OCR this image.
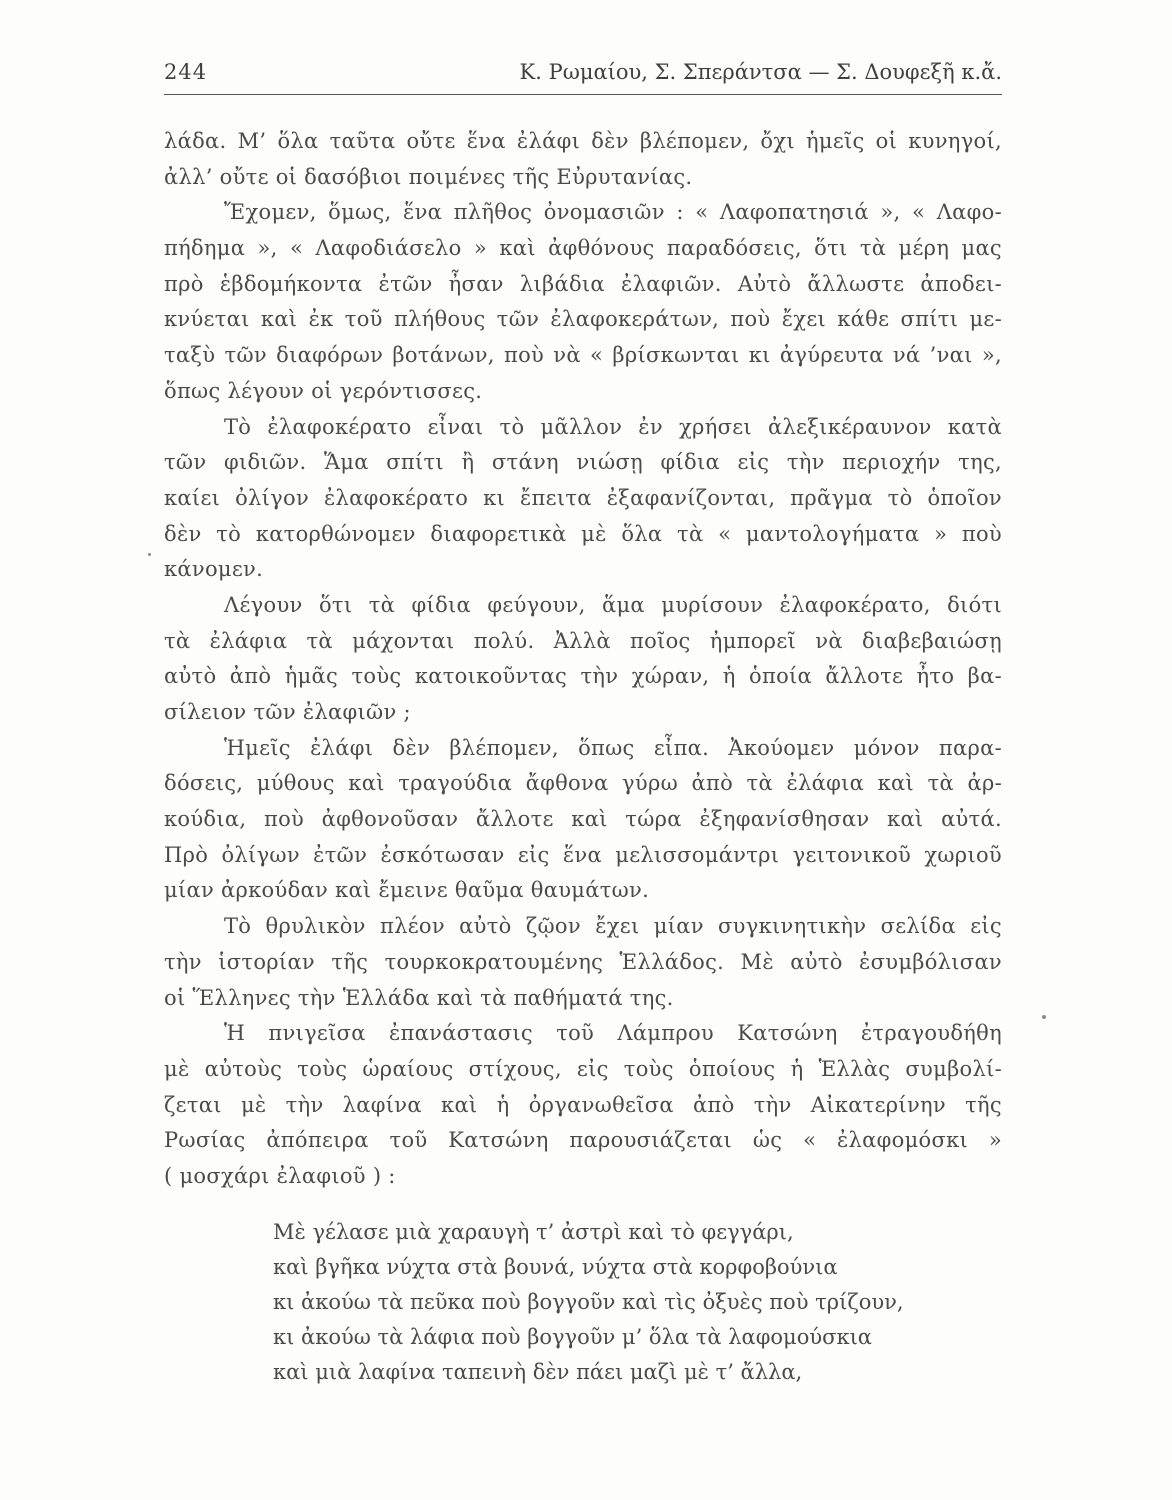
244	Κ. Ρωμαίου, Σ. Σπεράντσα — Σ. Δουφεξῆ κ.ἄ.
λάδα. Μ’ ὅλα ταῦτα οὔτε ἕνα ἐλάφι δὲν βλέπομεν, ὄχι ἡμεῖς οἱ κυνηγοί,
ἀλλ’ οὔτε οἱ δασόβιοι ποιμένες τῆς Εὐρυτανίας.
Ἔχομεν, ὅμως, ἕνα πλῆθος ὀνομασιῶν : « Λαφοπατησιά », « Λαφο-
πήδημα », « Λαφοδιάσελο » καὶ ἀφθόνους παραδόσεις, ὅτι τὰ μέρη μας
πρὸ ἑβδομήκοντα ἐτῶν ἦσαν λιβάδια ἐλαφιῶν. Αὐτὸ ἄλλωστε ἀποδει-
κνύεται καὶ ἐκ τοῦ πλήθους τῶν ἐλαφοκεράτων, ποὺ ἔχει κάθε σπίτι με-
ταξὺ τῶν διαφόρων βοτάνων, ποὺ νὰ « βρίσκωνται κι ἀγύρευτα νά ’ναι »,
ὅπως λέγουν οἱ γερόντισσες.
Τὸ ἐλαφοκέρατο εἶναι τὸ μᾶλλον ἐν χρήσει ἀλεξικέραυνον κατὰ
τῶν φιδιῶν. Ἅμα σπίτι ἢ στάνη νιώσῃ φίδια εἰς τὴν περιοχήν της,
καίει ὀλίγον ἐλαφοκέρατο κι ἔπειτα ἐξαφανίζονται, πρᾶγμα τὸ ὁποῖον
δὲν τὸ κατορθώνομεν διαφορετικὰ μὲ ὅλα τὰ « μαντολογήματα » ποὺ
κάνομεν.
Λέγουν ὅτι τὰ φίδια φεύγουν, ἅμα μυρίσουν ἐλαφοκέρατο, διότι
τὰ ἐλάφια τὰ μάχονται πολύ. Ἀλλὰ ποῖος ἠμπορεῖ νὰ διαβεβαιώσῃ
αὐτὸ ἀπὸ ἡμᾶς τοὺς κατοικοῦντας τὴν χώραν, ἡ ὁποία ἄλλοτε ἦτο βα-
σίλειον τῶν ἐλαφιῶν ;
Ἡμεῖς ἐλάφι δὲν βλέπομεν, ὅπως εἶπα. Ἀκούομεν μόνον παρα-
δόσεις, μύθους καὶ τραγούδια ἄφθονα γύρω ἀπὸ τὰ ἐλάφια καὶ τὰ ἀρ-
κούδια, ποὺ ἀφθονοῦσαν ἄλλοτε καὶ τώρα ἐξηφανίσθησαν καὶ αὐτά.
Πρὸ ὀλίγων ἐτῶν ἐσκότωσαν εἰς ἕνα μελισσομάντρι γειτονικοῦ χωριοῦ
μίαν ἀρκούδαν καὶ ἔμεινε θαῦμα θαυμάτων.
Τὸ θρυλικὸν πλέον αὐτὸ ζῷον ἔχει μίαν συγκινητικὴν σελίδα εἰς
τὴν ἱστορίαν τῆς τουρκοκρατουμένης Ἑλλάδος. Μὲ αὐτὸ ἐσυμβόλισαν
οἱ Ἕλληνες τὴν Ἑλλάδα καὶ τὰ παθήματά της.
Ἡ πνιγεῖσα ἐπανάστασις τοῦ Λάμπρου Κατσώνη ἐτραγουδήθη
μὲ αὐτοὺς τοὺς ὡραίους στίχους, εἰς τοὺς ὁποίους ἡ Ἑλλὰς συμβολί-
ζεται μὲ τὴν λαφίνα καὶ ἡ ὀργανωθεῖσα ἀπὸ τὴν Αἰκατερίνην τῆς
Ρωσίας ἀπόπειρα τοῦ Κατσώνη παρουσιάζεται ὡς « ἐλαφομόσκι »
( μοσχάρι ἐλαφιοῦ ) :
Μὲ γέλασε μιὰ χαραυγὴ τ’ ἀστρὶ καὶ τὸ φεγγάρι,
καὶ βγῆκα νύχτα στὰ βουνά, νύχτα στὰ κορφοβούνια
κι ἀκούω τὰ πεῦκα ποὺ βογγοῦν καὶ τὶς ὀξυὲς ποὺ τρίζουν,
κι ἀκούω τὰ λάφια ποὺ βογγοῦν μ’ ὅλα τὰ λαφομούσκια
καὶ μιὰ λαφίνα ταπεινὴ δὲν πάει μαζὶ μὲ τ’ ἄλλα,
